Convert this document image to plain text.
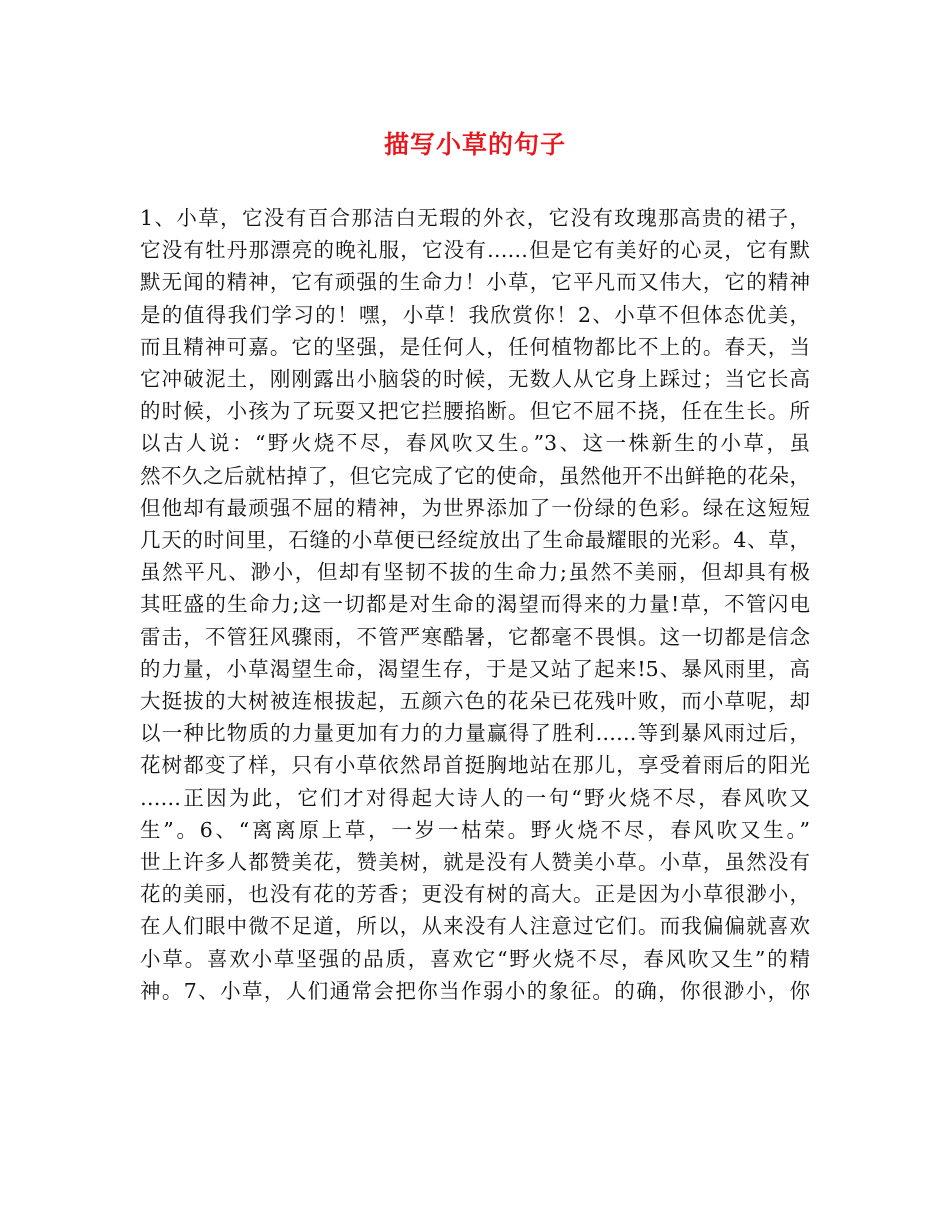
描写小草的句子
1、小草，它没有百合那洁白无瑕的外衣，它没有玫瑰那高贵的裙子，
它没有牡丹那漂亮的晚礼服，它没有……但是它有美好的心灵，它有默
默无闻的精神，它有顽强的生命力！小草，它平凡而又伟大，它的精神
是的值得我们学习的！嘿，小草！我欣赏你！2、小草不但体态优美，
而且精神可嘉。它的坚强，是任何人，任何植物都比不上的。春天，当
它冲破泥土，刚刚露出小脑袋的时候，无数人从它身上踩过；当它长高
的时候，小孩为了玩耍又把它拦腰掐断。但它不屈不挠，任在生长。所
以古人说：“野火烧不尽，春风吹又生。”3、这一株新生的小草，虽
然不久之后就枯掉了，但它完成了它的使命，虽然他开不出鲜艳的花朵，
但他却有最顽强不屈的精神，为世界添加了一份绿的色彩。绿在这短短
几天的时间里，石缝的小草便已经绽放出了生命最耀眼的光彩。4、草，
虽然平凡、渺小，但却有坚韧不拔的生命力;虽然不美丽，但却具有极
其旺盛的生命力;这一切都是对生命的渴望而得来的力量!草，不管闪电
雷击，不管狂风骤雨，不管严寒酷暑，它都毫不畏惧。这一切都是信念
的力量，小草渴望生命，渴望生存，于是又站了起来!5、暴风雨里，高
大挺拔的大树被连根拔起，五颜六色的花朵已花残叶败，而小草呢，却
以一种比物质的力量更加有力的力量赢得了胜利……等到暴风雨过后，
花树都变了样，只有小草依然昂首挺胸地站在那儿，享受着雨后的阳光
……正因为此，它们才对得起大诗人的一句“野火烧不尽，春风吹又
生”。6、“离离原上草，一岁一枯荣。野火烧不尽，春风吹又生。”
世上许多人都赞美花，赞美树，就是没有人赞美小草。小草，虽然没有
花的美丽，也没有花的芳香；更没有树的高大。正是因为小草很渺小，
在人们眼中微不足道，所以，从来没有人注意过它们。而我偏偏就喜欢
小草。喜欢小草坚强的品质，喜欢它“野火烧不尽，春风吹又生”的精
神。7、小草，人们通常会把你当作弱小的象征。的确，你很渺小，你
